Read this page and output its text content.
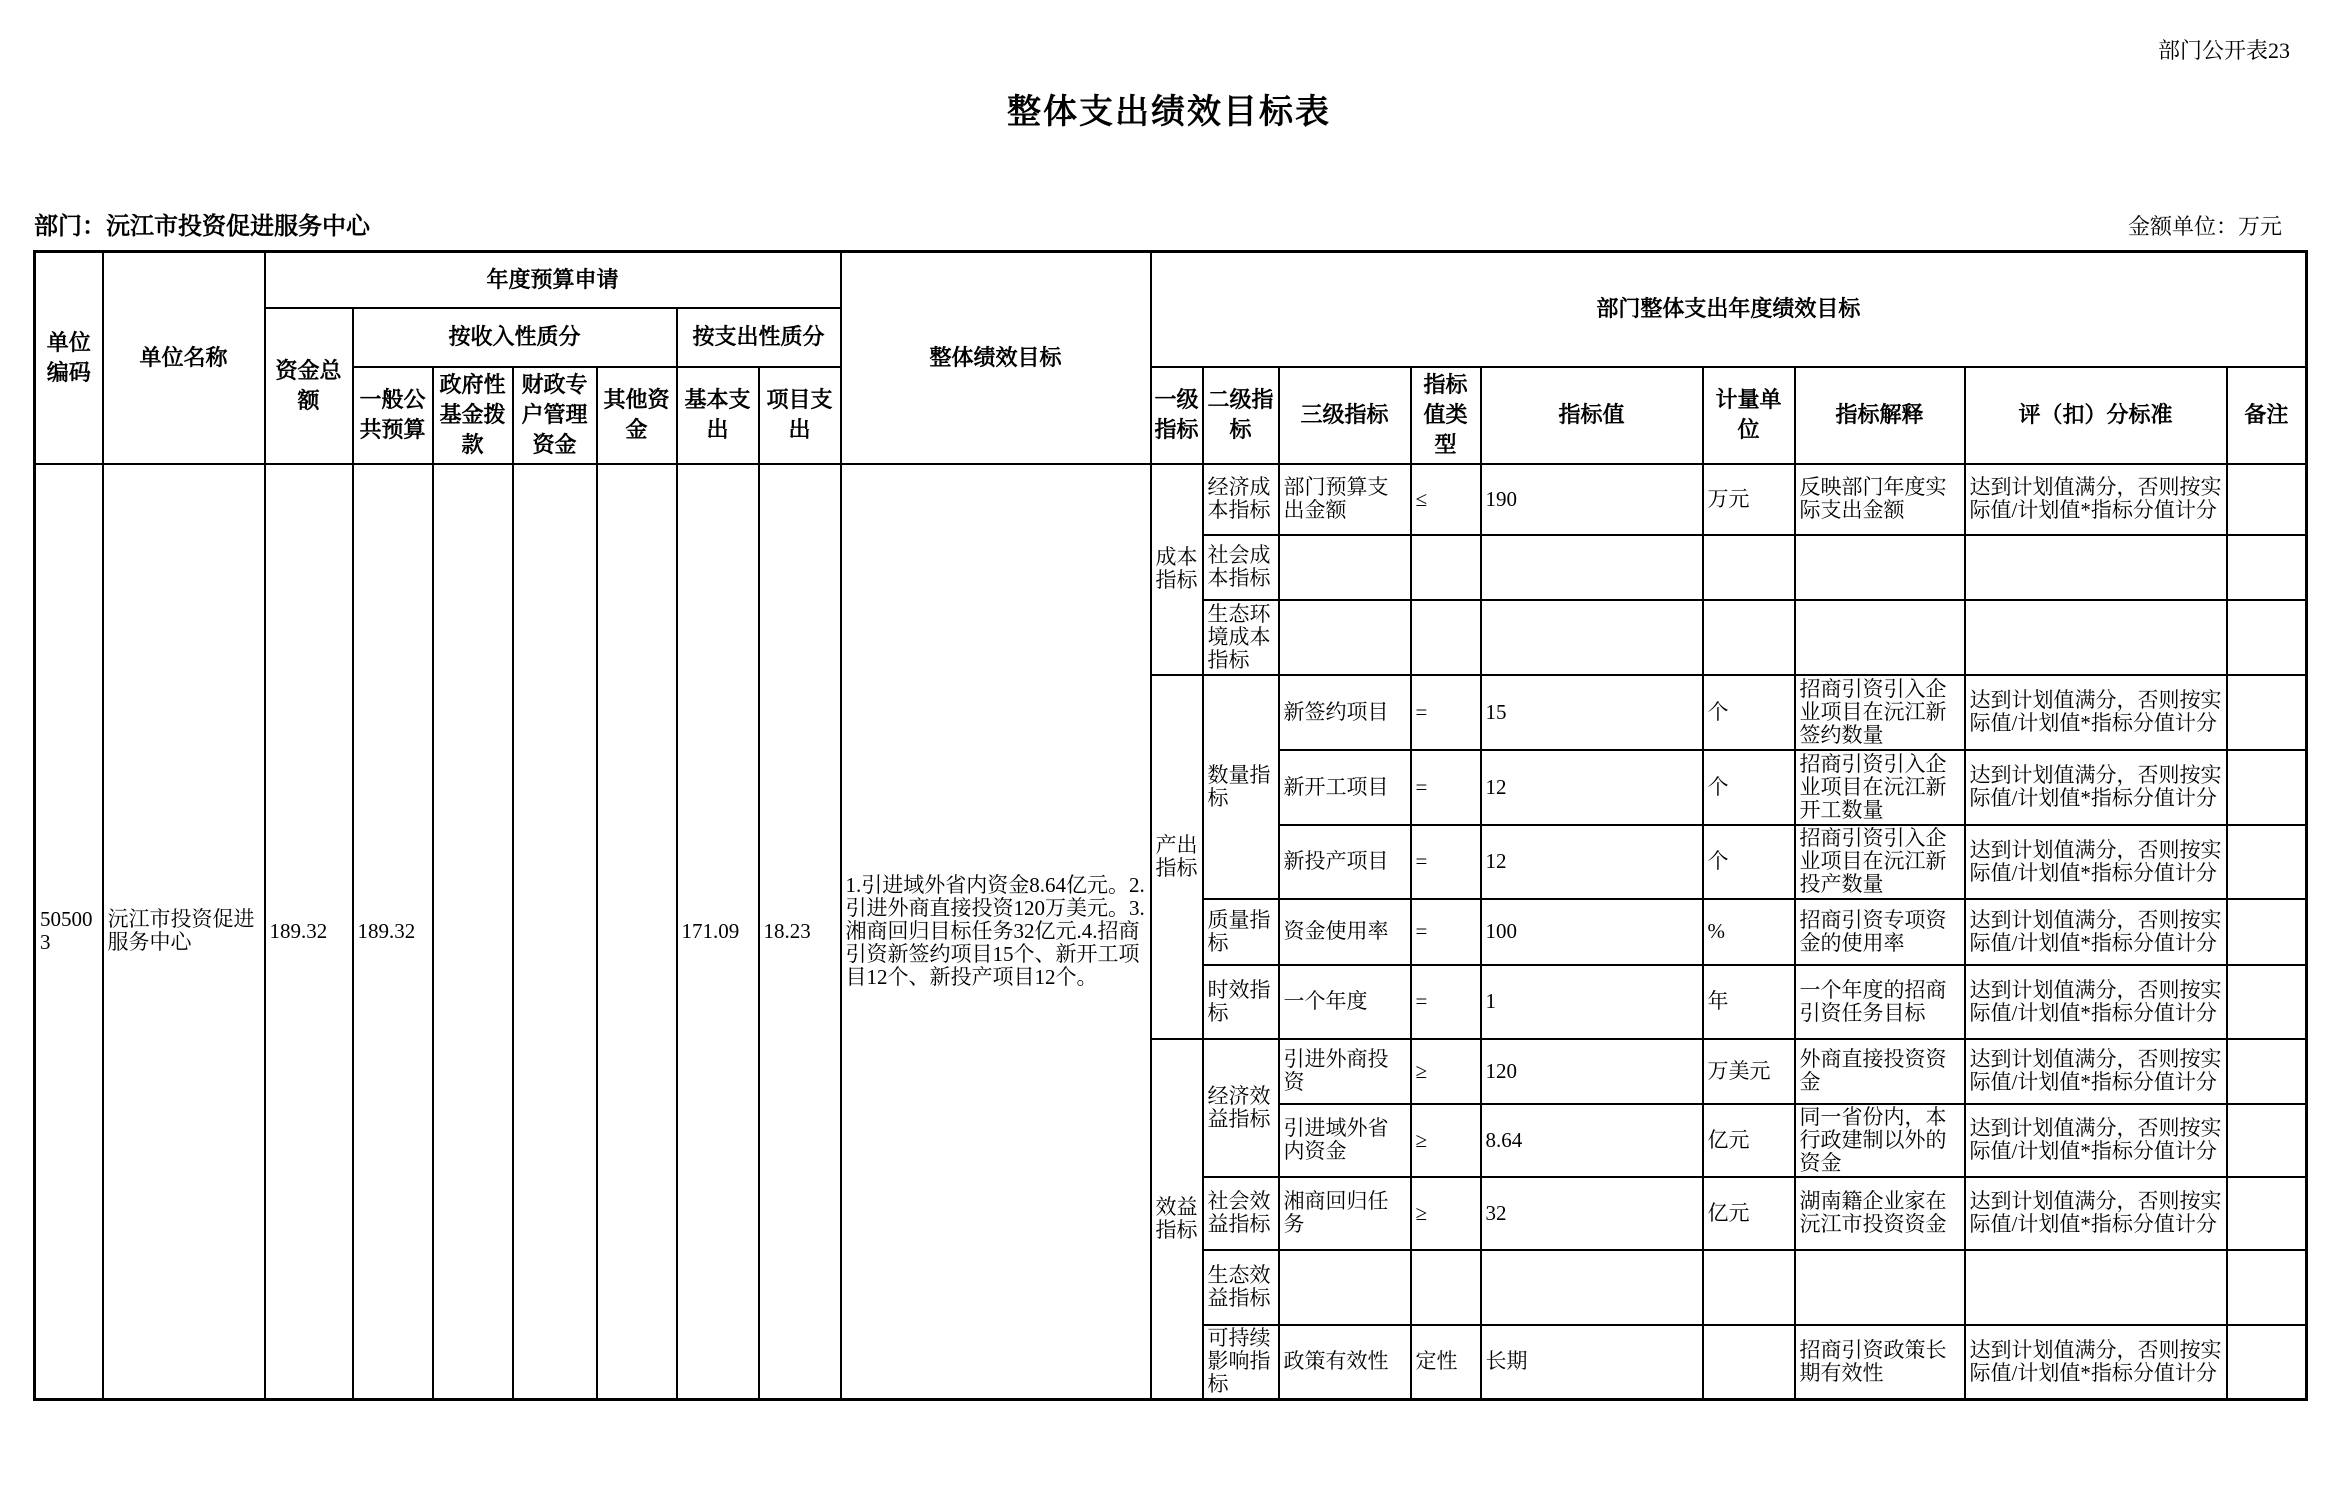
部门公开表23
整体支出绩效目标表
部门：沅江市投资促进服务中心	金额单位：万元
单位编码	单位名称	年度预算申请							整体绩效目标	部门整体支出年度绩效目标								
		资金总额	按收入性质分				按支出性质分											
			一般公共预算	政府性基金拨款	财政专户管理资金	其他资金	基本支出	项目支出		一级指标	二级指标	三级指标	指标值类型	指标值	计量单位	指标解释	评（扣）分标准	备注
505003	沅江市投资促进服务中心	189.32	189.32				171.09	18.23	1.引进域外省内资金8.64亿元。2.引进外商直接投资120万美元。3.湘商回归目标任务32亿元.4.招商引资新签约项目15个、新开工项目12个、新投产项目12个。	成本指标	经济成本指标	部门预算支出金额	≤	190	万元	反映部门年度实际支出金额	达到计划值满分，否则按实际值/计划值*指标分值计分	
											社会成本指标							
											生态环境成本指标							
										产出指标	数量指标	新签约项目	=	15	个	招商引资引入企业项目在沅江新签约数量	达到计划值满分，否则按实际值/计划值*指标分值计分	
												新开工项目	=	12	个	招商引资引入企业项目在沅江新开工数量	达到计划值满分，否则按实际值/计划值*指标分值计分	
												新投产项目	=	12	个	招商引资引入企业项目在沅江新投产数量	达到计划值满分，否则按实际值/计划值*指标分值计分	
											质量指标	资金使用率	=	100	%	招商引资专项资金的使用率	达到计划值满分，否则按实际值/计划值*指标分值计分	
											时效指标	一个年度	=	1	年	一个年度的招商引资任务目标	达到计划值满分，否则按实际值/计划值*指标分值计分	
										效益指标	经济效益指标	引进外商投资	≥	120	万美元	外商直接投资资金	达到计划值满分，否则按实际值/计划值*指标分值计分	
												引进域外省内资金	≥	8.64	亿元	同一省份内，本行政建制以外的资金	达到计划值满分，否则按实际值/计划值*指标分值计分	
											社会效益指标	湘商回归任务	≥	32	亿元	湖南籍企业家在沅江市投资资金	达到计划值满分，否则按实际值/计划值*指标分值计分	
											生态效益指标							
											可持续影响指标	政策有效性	定性	长期		招商引资政策长期有效性	达到计划值满分，否则按实际值/计划值*指标分值计分	
